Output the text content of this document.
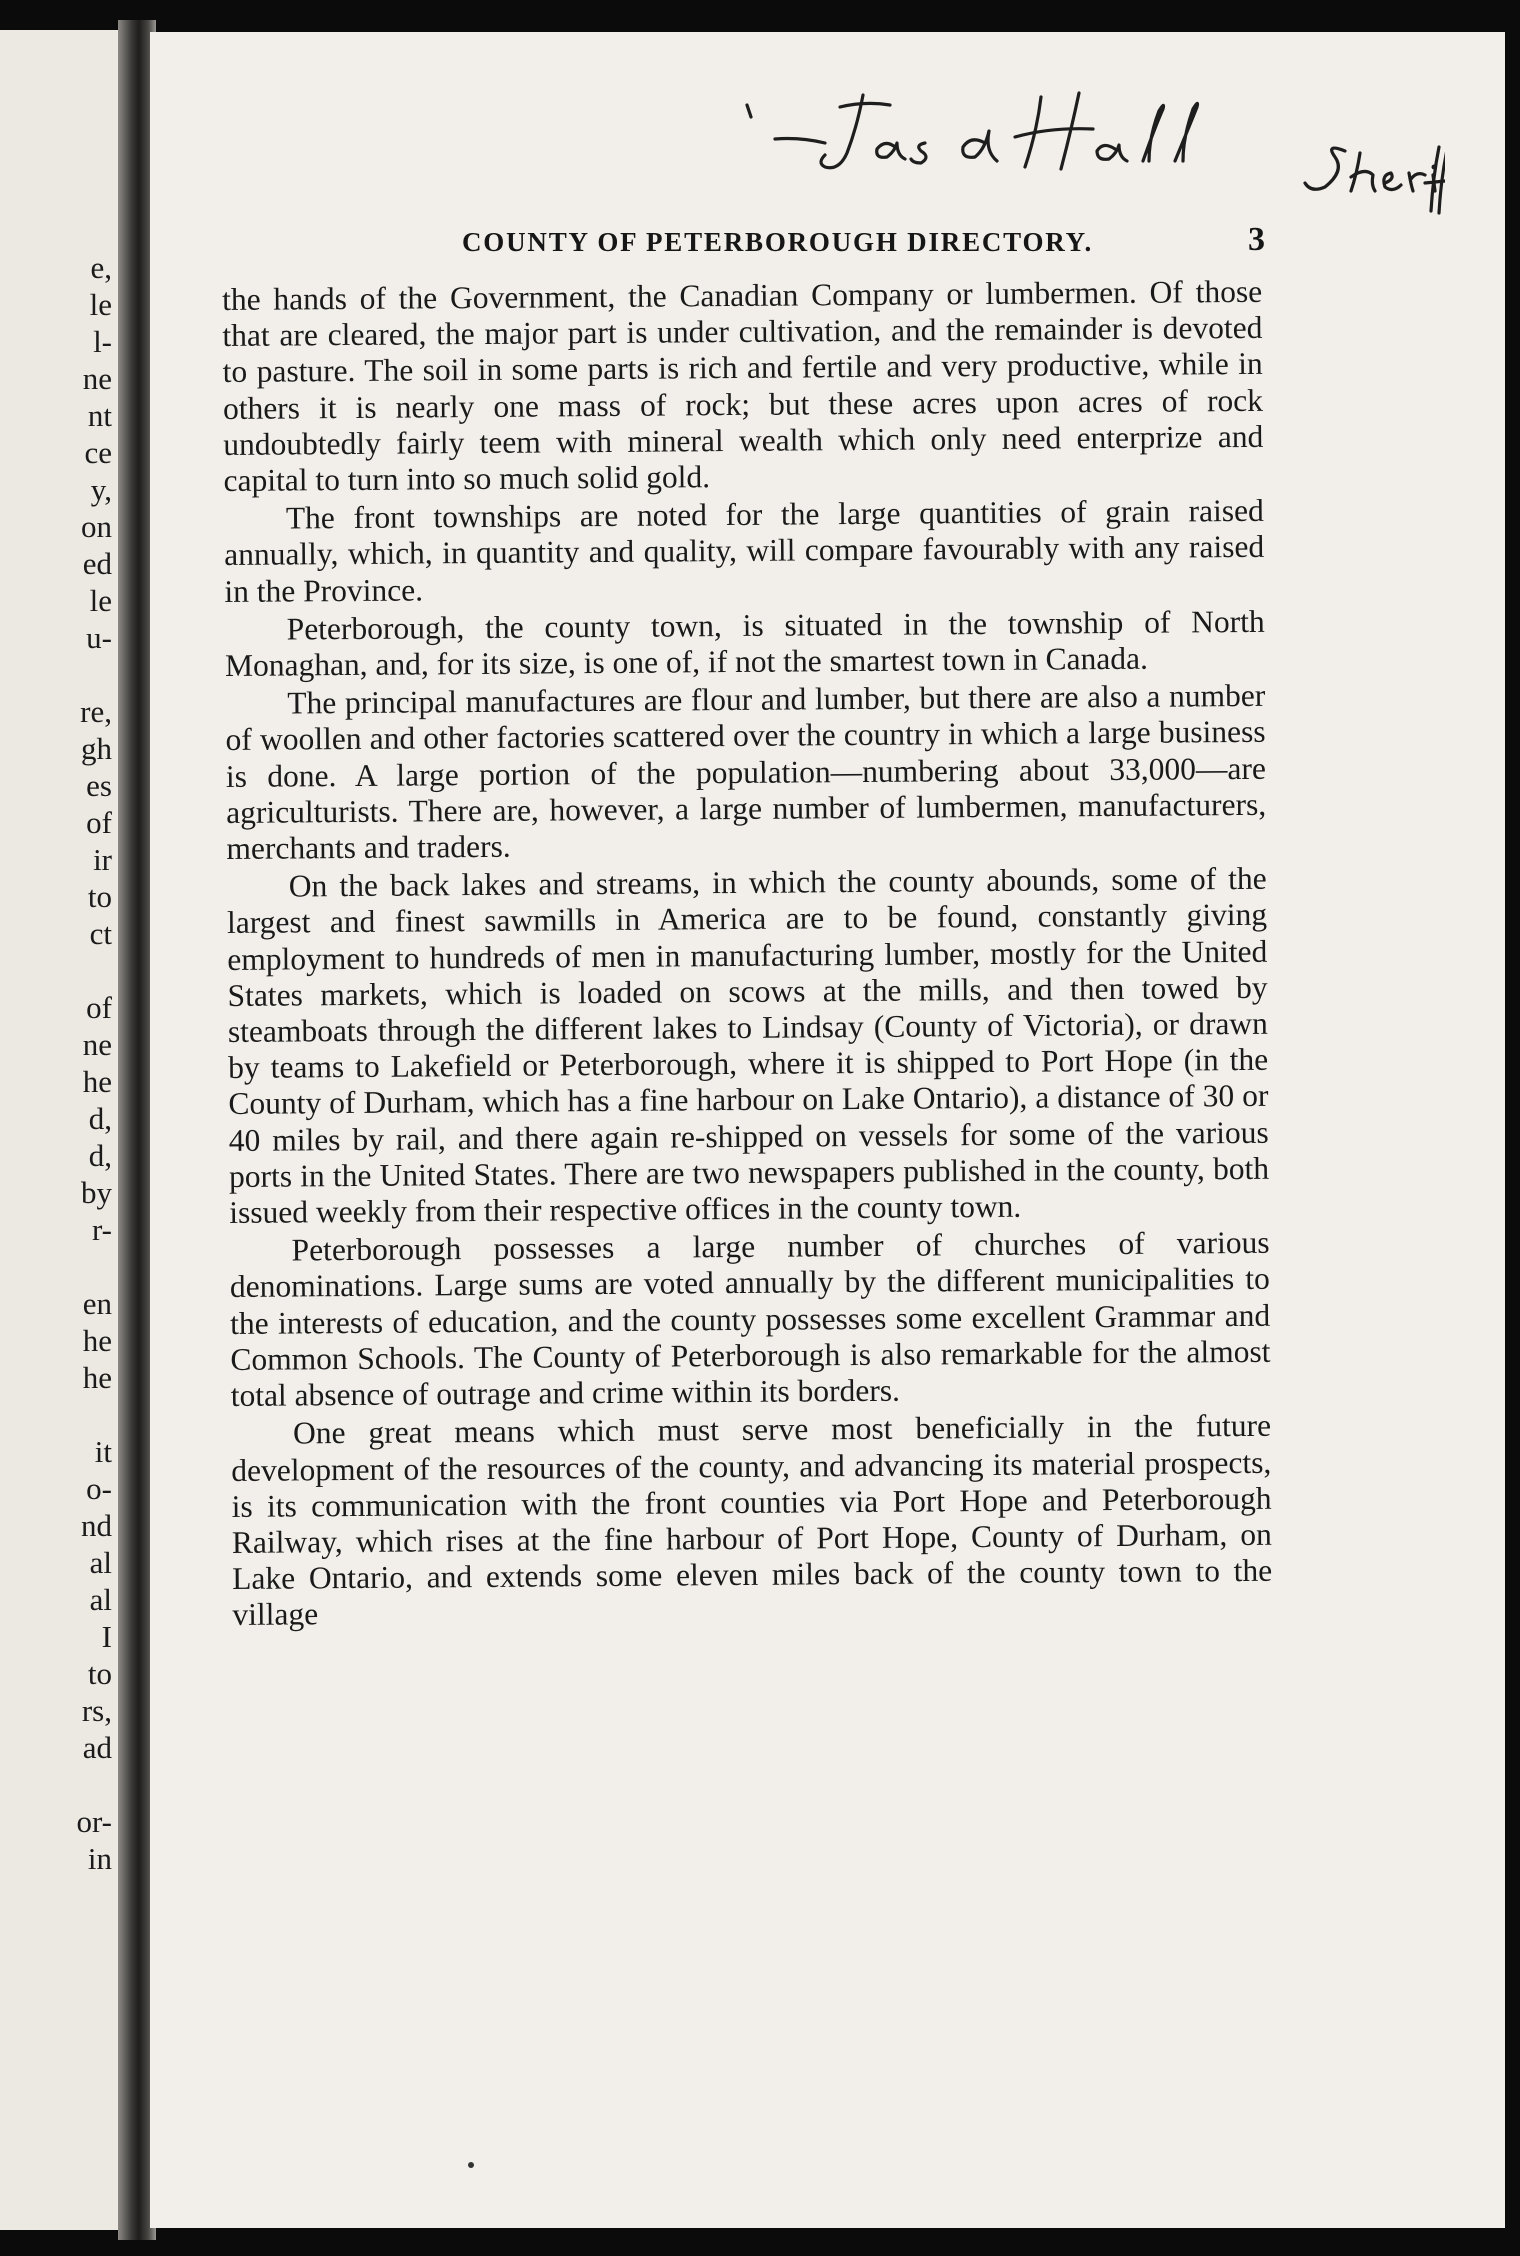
e,
le
l-
ne
nt
ce
y,
on
ed
le
u-
re,
gh
es
of
ir
to
ct
of
ne
he
d,
d,
by
r-
en
he
he
it
o-
nd
al
al
I
to
rs,
ad
or-
in
COUNTY OF PETERBOROUGH DIRECTORY.	3

the hands of the Government, the Canadian Company or lumbermen. Of those that are cleared, the major part is under cultivation, and the remainder is devoted to pasture. The soil in some parts is rich and fertile and very productive, while in others it is nearly one mass of rock; but these acres upon acres of rock undoubtedly fairly teem with mineral wealth which only need enterprize and capital to turn into so much solid gold.

The front townships are noted for the large quantities of grain raised annually, which, in quantity and quality, will compare favourably with any raised in the Province.

Peterborough, the county town, is situated in the township of North Monaghan, and, for its size, is one of, if not the smartest town in Canada.

The principal manufactures are flour and lumber, but there are also a number of woollen and other factories scattered over the country in which a large business is done. A large portion of the population—numbering about 33,000—are agriculturists. There are, however, a large number of lumbermen, manufacturers, merchants and traders.

On the back lakes and streams, in which the county abounds, some of the largest and finest sawmills in America are to be found, constantly giving employment to hundreds of men in manufacturing lumber, mostly for the United States markets, which is loaded on scows at the mills, and then towed by steamboats through the different lakes to Lindsay (County of Victoria), or drawn by teams to Lakefield or Peterborough, where it is shipped to Port Hope (in the County of Durham, which has a fine harbour on Lake Ontario), a distance of 30 or 40 miles by rail, and there again re-shipped on vessels for some of the various ports in the United States. There are two newspapers published in the county, both issued weekly from their respective offices in the county town.

Peterborough possesses a large number of churches of various denominations. Large sums are voted annually by the different municipalities to the interests of education, and the county possesses some excellent Grammar and Common Schools. The County of Peterborough is also remarkable for the almost total absence of outrage and crime within its borders.

One great means which must serve most beneficially in the future development of the resources of the county, and advancing its material prospects, is its communication with the front counties via Port Hope and Peterborough Railway, which rises at the fine harbour of Port Hope, County of Durham, on Lake Ontario, and extends some eleven miles back of the county town to the village
